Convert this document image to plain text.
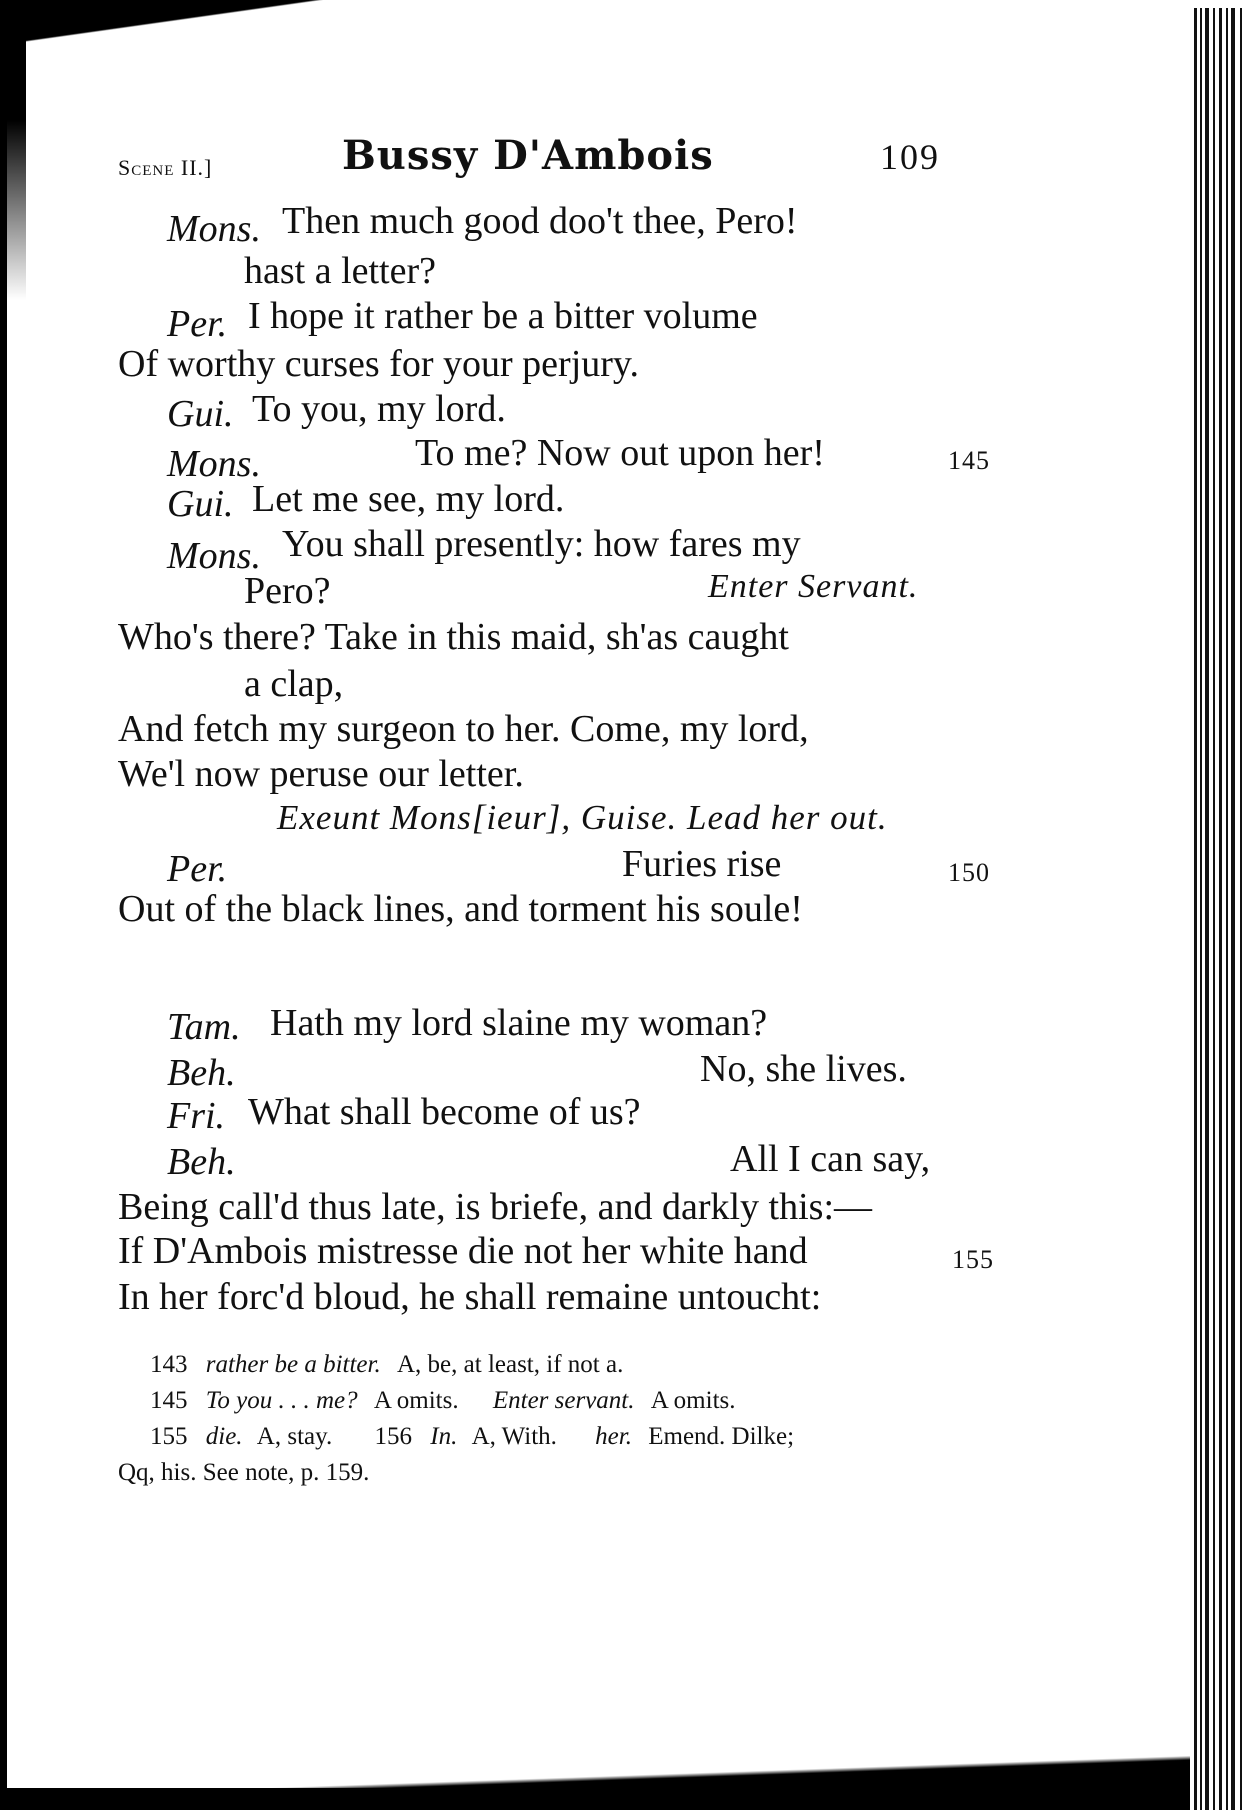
Scene II.]	Bussy D'Ambois	109
Mons. Then much good doo't thee, Pero!
hast a letter?
Per. I hope it rather be a bitter volume
Of worthy curses for your perjury.
Gui. To you, my lord.
Mons.	To me? Now out upon her!	145
Gui. Let me see, my lord.
Mons. You shall presently: how fares my
Pero?	Enter Servant.
Who's there? Take in this maid, sh'as caught
a clap,
And fetch my surgeon to her. Come, my lord,
We'l now peruse our letter.
Exeunt Mons[ieur], Guise. Lead her out.
Per.	Furies rise	150
Out of the black lines, and torment his soule!
Tam. Hath my lord slaine my woman?
Beh.	No, she lives.
Fri. What shall become of us?
Beh.	All I can say,
Being call'd thus late, is briefe, and darkly this:—
If D'Ambois mistresse die not her white hand	155
In her forc'd bloud, he shall remaine untoucht:
143 rather be a bitter. A, be, at least, if not a.
145 To you . . . me? A omits. Enter servant. A omits.
155 die. A, stay. 156 In. A, With. her. Emend. Dilke;
Qq, his. See note, p. 159.
